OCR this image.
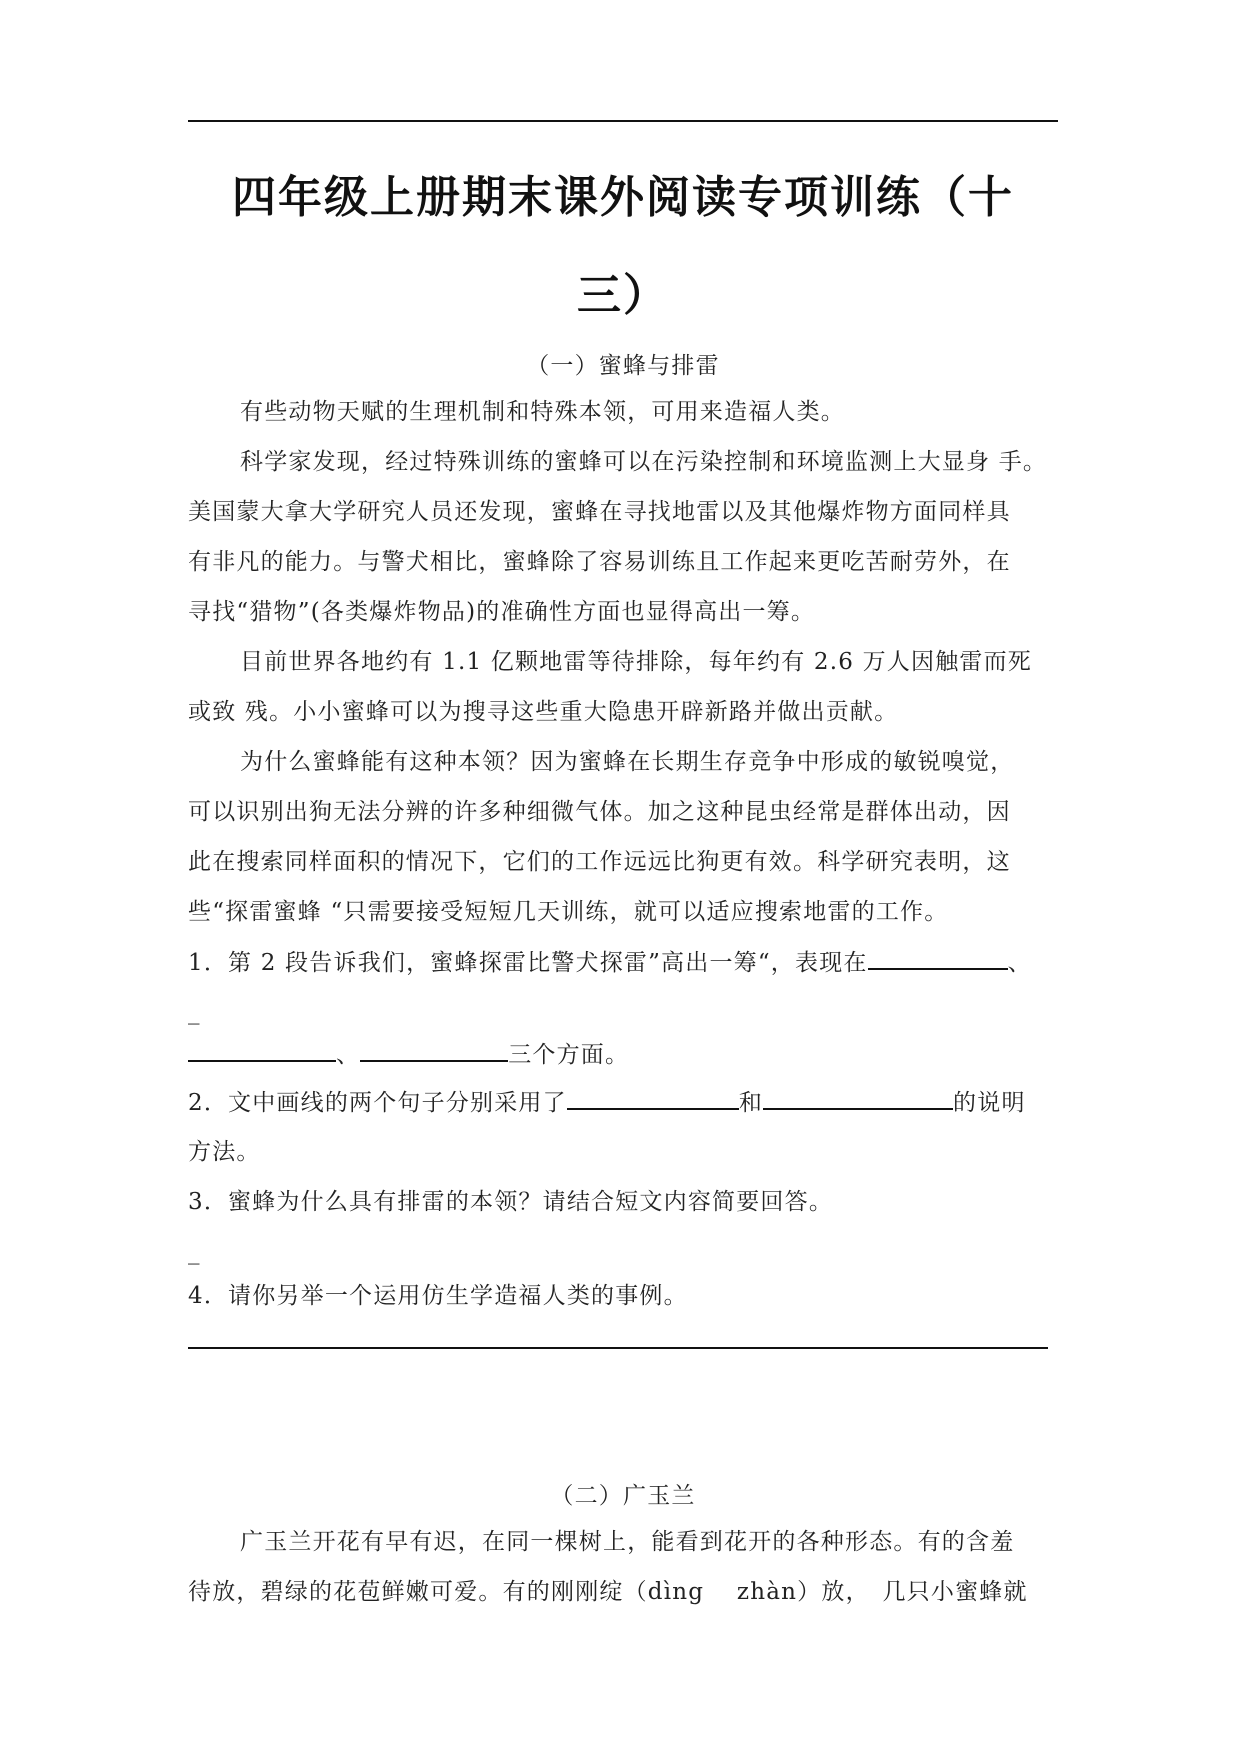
四年级上册期末课外阅读专项训练（十
三）
（一）蜜蜂与排雷
有些动物天赋的生理机制和特殊本领，可用来造福人类。
科学家发现，经过特殊训练的蜜蜂可以在污染控制和环境监测上大显身 手。
美国蒙大拿大学研究人员还发现，蜜蜂在寻找地雷以及其他爆炸物方面同样具
有非凡的能力。与警犬相比，蜜蜂除了容易训练且工作起来更吃苦耐劳外，在
寻找“猎物”(各类爆炸物品)的准确性方面也显得高出一筹。
目前世界各地约有 1.1 亿颗地雷等待排除，每年约有 2.6 万人因触雷而死
或致 残。小小蜜蜂可以为搜寻这些重大隐患开辟新路并做出贡献。
为什么蜜蜂能有这种本领？因为蜜蜂在长期生存竞争中形成的敏锐嗅觉，
可以识别出狗无法分辨的许多种细微气体。加之这种昆虫经常是群体出动，因
此在搜索同样面积的情况下，它们的工作远远比狗更有效。科学研究表明，这
些“探雷蜜蜂 “只需要接受短短几天训练，就可以适应搜索地雷的工作。
1．第 2 段告诉我们，蜜蜂探雷比警犬探雷”高出一筹“，表现在	、
_
、	三个方面。
2．文中画线的两个句子分别采用了	和	的说明
方法。
3．蜜蜂为什么具有排雷的本领？请结合短文内容简要回答。
_
4．请你另举一个运用仿生学造福人类的事例。
（二）广玉兰
广玉兰开花有早有迟，在同一棵树上，能看到花开的各种形态。有的含羞
待放，碧绿的花苞鲜嫩可爱。有的刚刚绽（dìng　 zhàn）放，　几只小蜜蜂就
